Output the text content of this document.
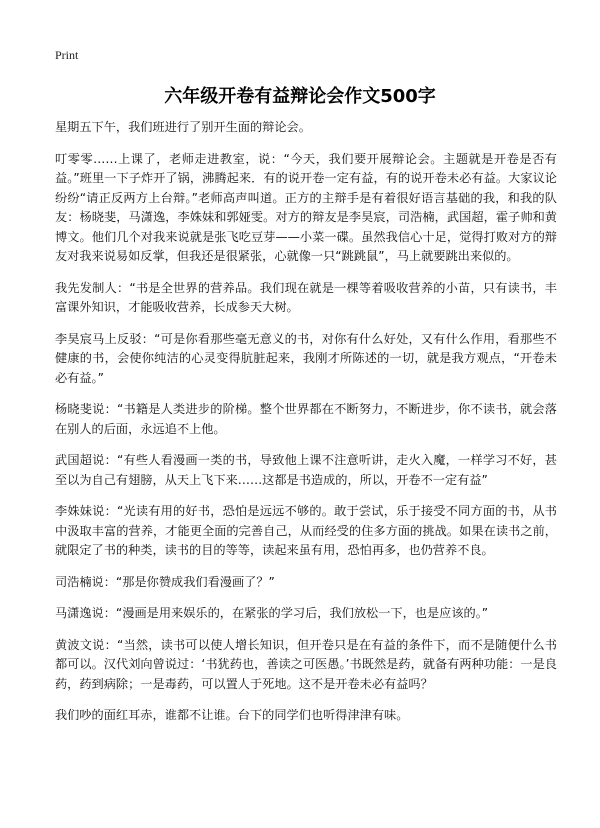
Print
六年级开卷有益辩论会作文500字

星期五下午，我们班进行了别开生面的辩论会。

叮零零……上课了，老师走进教室，说：“今天，我们要开展辩论会。主题就是开卷是否有益。”班里一下子炸开了锅，沸腾起来．有的说开卷一定有益，有的说开卷未必有益。大家议论纷纷“请正反两方上台辩。”老师高声叫道。正方的主辩手是有着很好语言基础的我，和我的队友：杨晓斐，马潇逸，李姝妹和郭娅雯。对方的辩友是李昊宸，司浩楠，武国超，霍子帅和黄博文。他们几个对我来说就是张飞吃豆芽——小菜一碟。虽然我信心十足，觉得打败对方的辩友对我来说易如反掌，但我还是很紧张，心就像一只“跳跳鼠”，马上就要跳出来似的。

我先发制人：“书是全世界的营养品。我们现在就是一棵等着吸收营养的小苗，只有读书，丰富课外知识，才能吸收营养，长成参天大树。

李昊宸马上反驳：“可是你看那些毫无意义的书，对你有什么好处，又有什么作用，看那些不健康的书，会使你纯洁的心灵变得肮脏起来，我刚才所陈述的一切，就是我方观点，“开卷未必有益。”

杨晓斐说：“书籍是人类进步的阶梯。整个世界都在不断努力，不断进步，你不读书，就会落在别人的后面，永远追不上他。

武国超说：“有些人看漫画一类的书，导致他上课不注意听讲，走火入魔，一样学习不好，甚至以为自己有翅膀，从天上飞下来……这都是书造成的，所以，开卷不一定有益”

李姝妹说：“光读有用的好书，恐怕是远远不够的。敢于尝试，乐于接受不同方面的书，从书中汲取丰富的营养，才能更全面的完善自己，从而经受的住多方面的挑战。如果在读书之前，就限定了书的种类，读书的目的等等，读起来虽有用，恐怕再多，也仍营养不良。

司浩楠说：“那是你赞成我们看漫画了？”

马潇逸说：“漫画是用来娱乐的，在紧张的学习后，我们放松一下，也是应该的。”

黄波文说：“当然，读书可以使人增长知识，但开卷只是在有益的条件下，而不是随便什么书都可以。汉代刘向曾说过：‘书犹药也，善读之可医愚。’书既然是药，就备有两种功能：一是良药，药到病除；一是毒药，可以置人于死地。这不是开卷未必有益吗？

我们吵的面红耳赤，谁都不让谁。台下的同学们也听得津津有味。
